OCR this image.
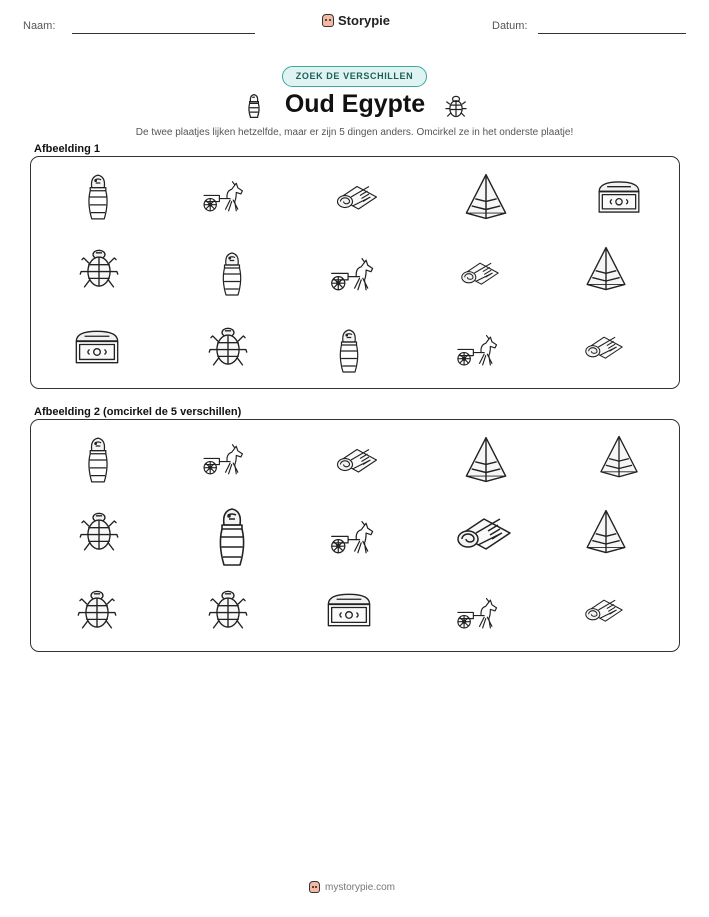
Naam:	Storypie	Datum:
ZOEK DE VERSCHILLEN
Oud Egypte
De twee plaatjes lijken hetzelfde, maar er zijn 5 dingen anders. Omcirkel ze in het onderste plaatje!
Afbeelding 1
Afbeelding 2 (omcirkel de 5 verschillen)
mystorypie.com
